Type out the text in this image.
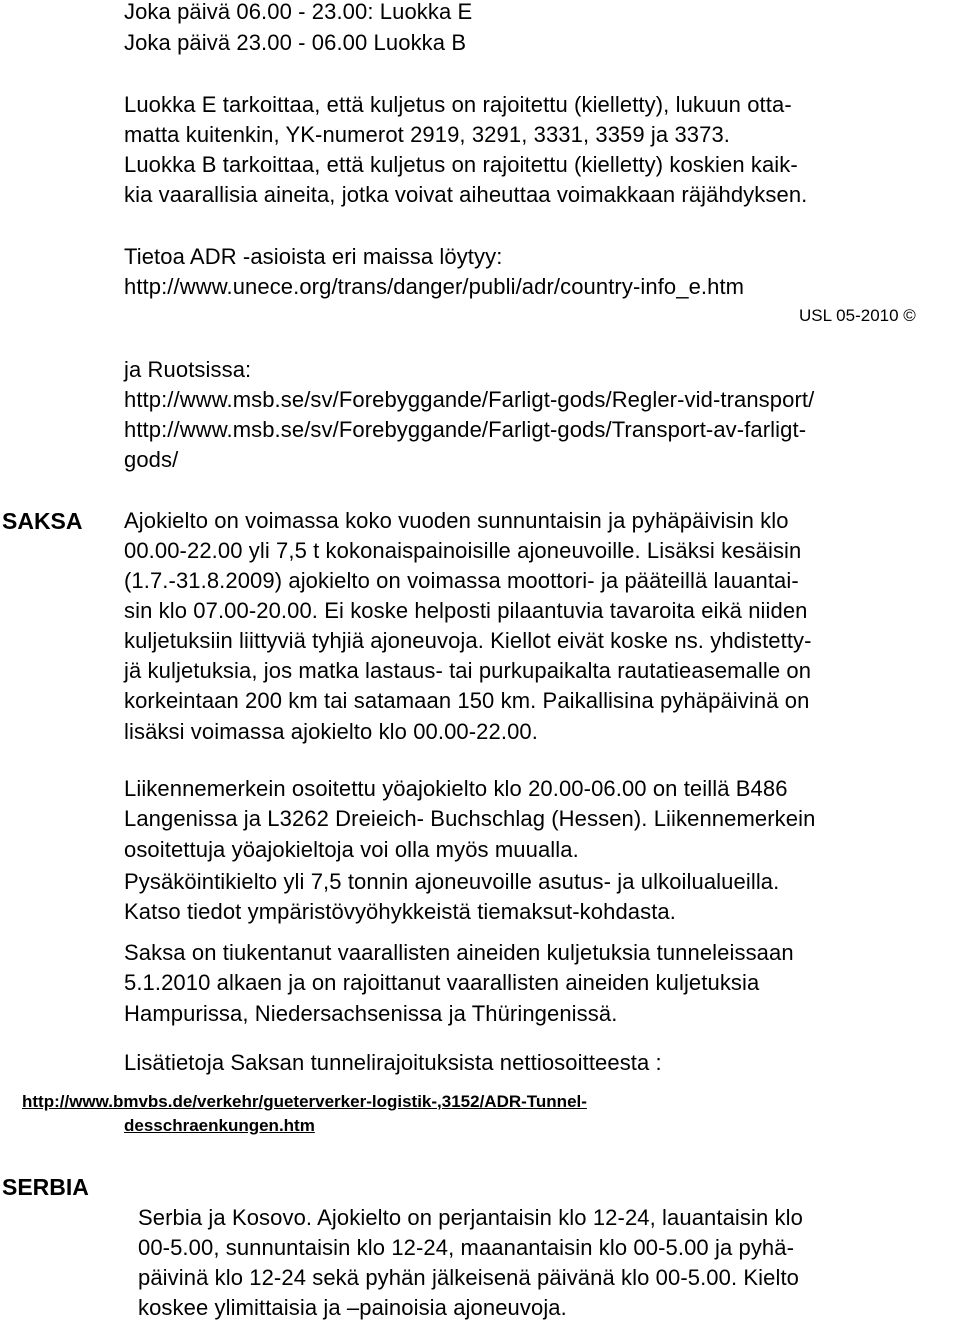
Joka päivä 06.00 - 23.00: Luokka E
Joka päivä 23.00 - 06.00 Luokka B
Luokka E tarkoittaa, että kuljetus on rajoitettu (kielletty), lukuun otta-
matta kuitenkin, YK-numerot 2919, 3291, 3331, 3359 ja 3373.
Luokka B tarkoittaa, että kuljetus on rajoitettu (kielletty) koskien kaik-
kia vaarallisia aineita, jotka voivat aiheuttaa voimakkaan räjähdyksen.
Tietoa ADR -asioista eri maissa löytyy:
http://www.unece.org/trans/danger/publi/adr/country-info_e.htm
USL 05-2010 ©
ja Ruotsissa:
http://www.msb.se/sv/Forebyggande/Farligt-gods/Regler-vid-transport/
http://www.msb.se/sv/Forebyggande/Farligt-gods/Transport-av-farligt-
gods/
SAKSA Ajokielto on voimassa koko vuoden sunnuntaisin ja pyhäpäivisin klo
00.00-22.00 yli 7,5 t kokonaispainoisille ajoneuvoille. Lisäksi kesäisin
(1.7.-31.8.2009) ajokielto on voimassa moottori- ja pääteillä lauantai-
sin klo 07.00-20.00. Ei koske helposti pilaantuvia tavaroita eikä niiden
kuljetuksiin liittyviä tyhjiä ajoneuvoja. Kiellot eivät koske ns. yhdistetty-
jä kuljetuksia, jos matka lastaus- tai purkupaikalta rautatieasemalle on
korkeintaan 200 km tai satamaan 150 km. Paikallisina pyhäpäivinä on
lisäksi voimassa ajokielto klo 00.00-22.00.
Liikennemerkein osoitettu yöajokielto klo 20.00-06.00 on teillä B486
Langenissa ja L3262 Dreieich- Buchschlag (Hessen). Liikennemerkein
osoitettuja yöajokieltoja voi olla myös muualla.
Pysäköintikielto yli 7,5 tonnin ajoneuvoille asutus- ja ulkoilualueilla.
Katso tiedot ympäristövyöhykkeistä tiemaksut-kohdasta.
Saksa on tiukentanut vaarallisten aineiden kuljetuksia tunneleissaan
5.1.2010 alkaen ja on rajoittanut vaarallisten aineiden kuljetuksia
Hampurissa, Niedersachsenissa ja Thüringenissä.
Lisätietoja Saksan tunnelirajoituksista nettiosoitteesta :
http://www.bmvbs.de/verkehr/gueterverker-logistik-,3152/ADR-Tunnel-
desschraenkungen.htm
SERBIA
Serbia ja Kosovo. Ajokielto on perjantaisin klo 12-24, lauantaisin klo
00-5.00, sunnuntaisin klo 12-24, maanantaisin klo 00-5.00 ja pyhä-
päivinä klo 12-24 sekä pyhän jälkeisenä päivänä klo 00-5.00. Kielto
koskee ylimittaisia ja –painoisia ajoneuvoja.
